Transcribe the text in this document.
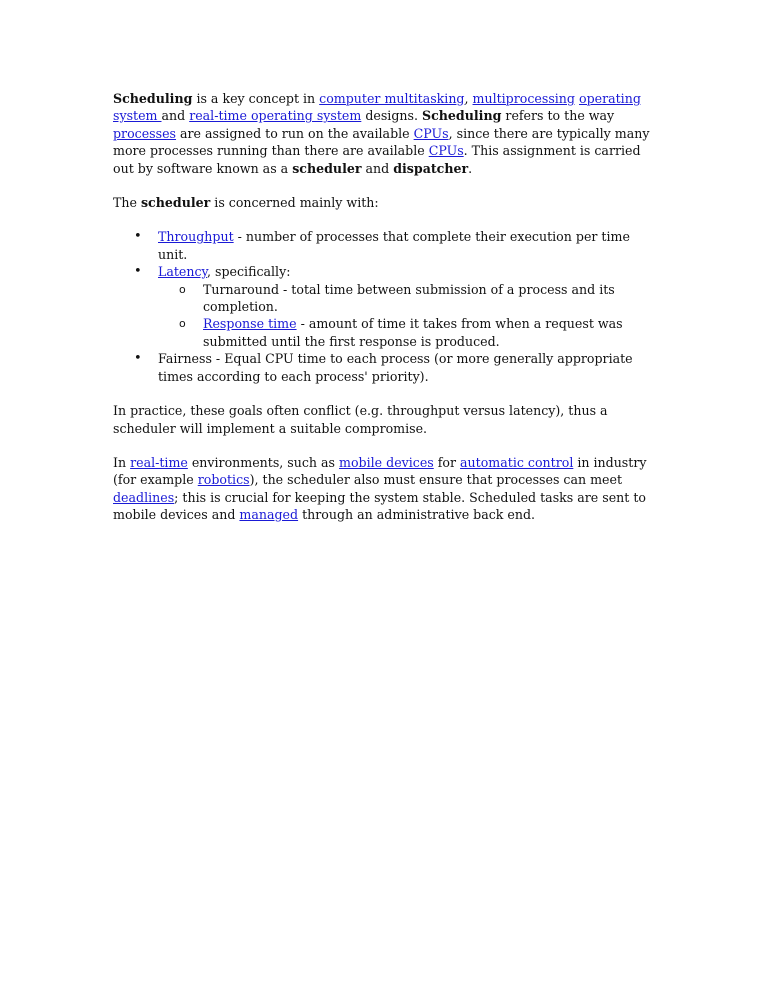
Scheduling is a key concept in computer multitasking, multiprocessing operating system and real-time operating system designs. Scheduling refers to the way processes are assigned to run on the available CPUs, since there are typically many more processes running than there are available CPUs. This assignment is carried out by software known as a scheduler and dispatcher.

The scheduler is concerned mainly with:

• Throughput - number of processes that complete their execution per time unit.
• Latency, specifically:
o Turnaround - total time between submission of a process and its completion.
o Response time - amount of time it takes from when a request was submitted until the first response is produced.
• Fairness - Equal CPU time to each process (or more generally appropriate times according to each process' priority).

In practice, these goals often conflict (e.g. throughput versus latency), thus a scheduler will implement a suitable compromise.

In real-time environments, such as mobile devices for automatic control in industry (for example robotics), the scheduler also must ensure that processes can meet deadlines; this is crucial for keeping the system stable. Scheduled tasks are sent to mobile devices and managed through an administrative back end.
